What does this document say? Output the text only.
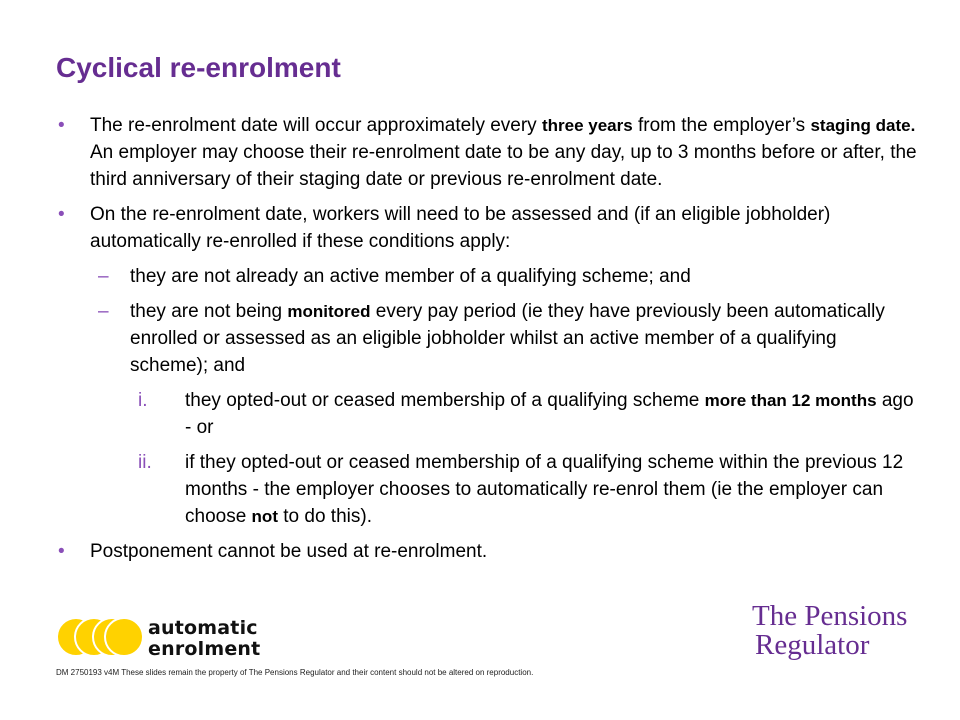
Cyclical re-enrolment
• The re-enrolment date will occur approximately every three years from the employer’s staging date.  An employer may choose their re-enrolment date to be any day, up to 3 months before or after, the third anniversary of their staging date or previous re-enrolment date.
• On the re-enrolment date, workers will need to be assessed and (if an eligible jobholder) automatically re-enrolled if these conditions apply:
– they are not already an active member of a qualifying scheme; and
– they are not being monitored every pay period (ie they have previously been automatically enrolled or assessed as an eligible jobholder whilst an active member of a qualifying scheme); and
i. they opted-out or ceased membership of a qualifying scheme more than 12 months ago - or
ii. if they opted-out or ceased membership of a qualifying scheme within the previous 12 months - the employer chooses to automatically re-enrol them (ie the employer can choose not to do this).
• Postponement cannot be used at re-enrolment.
automatic
enrolment
The Pensions
Regulator
DM 2750193 v4M These slides remain the property of The Pensions Regulator and their content should not be altered on reproduction.
